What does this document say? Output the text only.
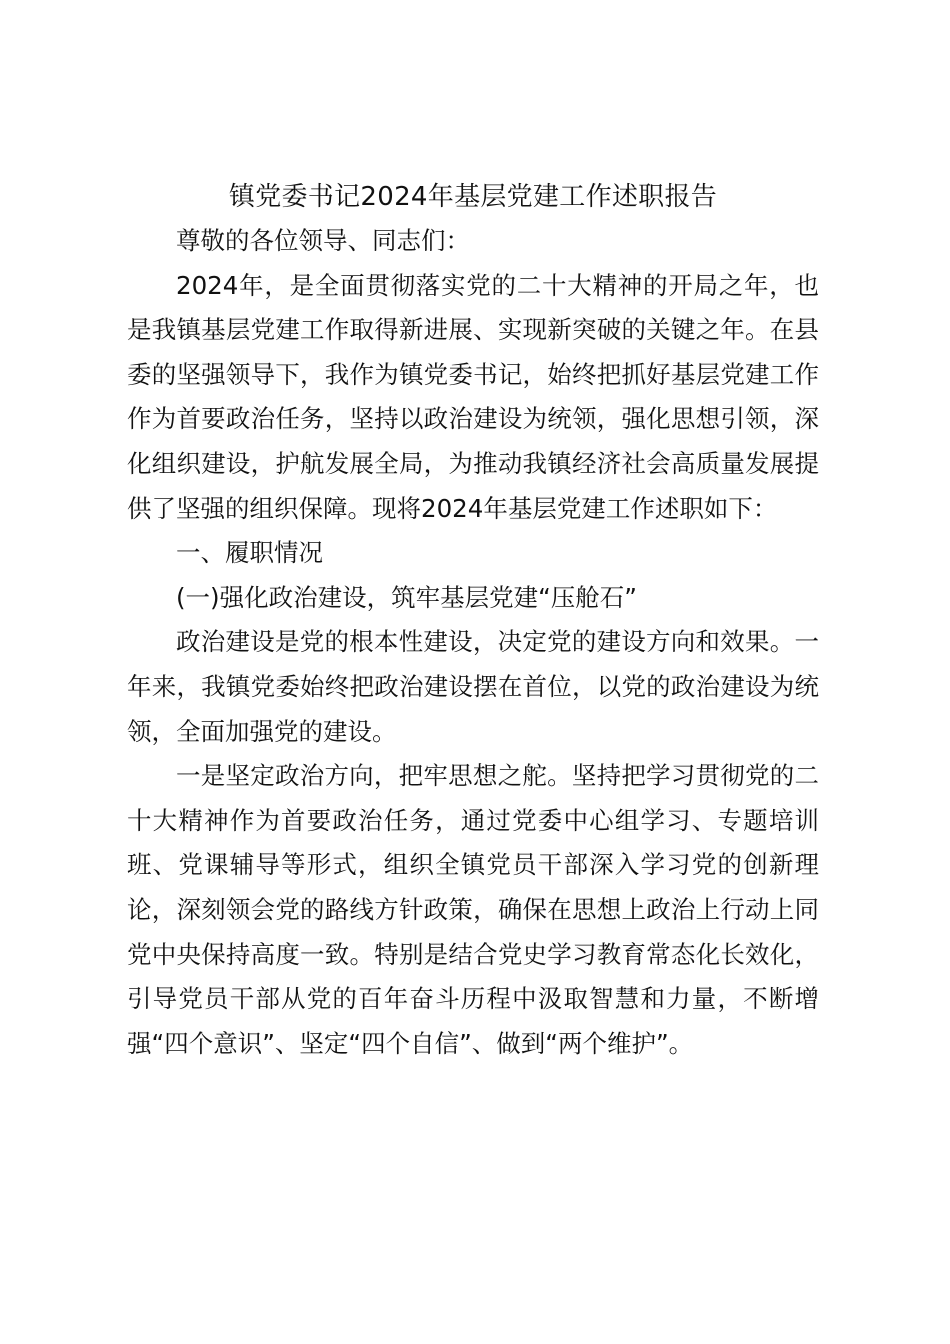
镇党委书记2024年基层党建工作述职报告

尊敬的各位领导、同志们：

2024年，是全面贯彻落实党的二十大精神的开局之年，也是我镇基层党建工作取得新进展、实现新突破的关键之年。在县委的坚强领导下，我作为镇党委书记，始终把抓好基层党建工作作为首要政治任务，坚持以政治建设为统领，强化思想引领，深化组织建设，护航发展全局，为推动我镇经济社会高质量发展提供了坚强的组织保障。现将2024年基层党建工作述职如下：

一、履职情况

(一)强化政治建设，筑牢基层党建“压舱石”

政治建设是党的根本性建设，决定党的建设方向和效果。一年来，我镇党委始终把政治建设摆在首位，以党的政治建设为统领，全面加强党的建设。

一是坚定政治方向，把牢思想之舵。坚持把学习贯彻党的二十大精神作为首要政治任务，通过党委中心组学习、专题培训班、党课辅导等形式，组织全镇党员干部深入学习党的创新理论，深刻领会党的路线方针政策，确保在思想上政治上行动上同党中央保持高度一致。特别是结合党史学习教育常态化长效化，引导党员干部从党的百年奋斗历程中汲取智慧和力量，不断增强“四个意识”、坚定“四个自信”、做到“两个维护”。
